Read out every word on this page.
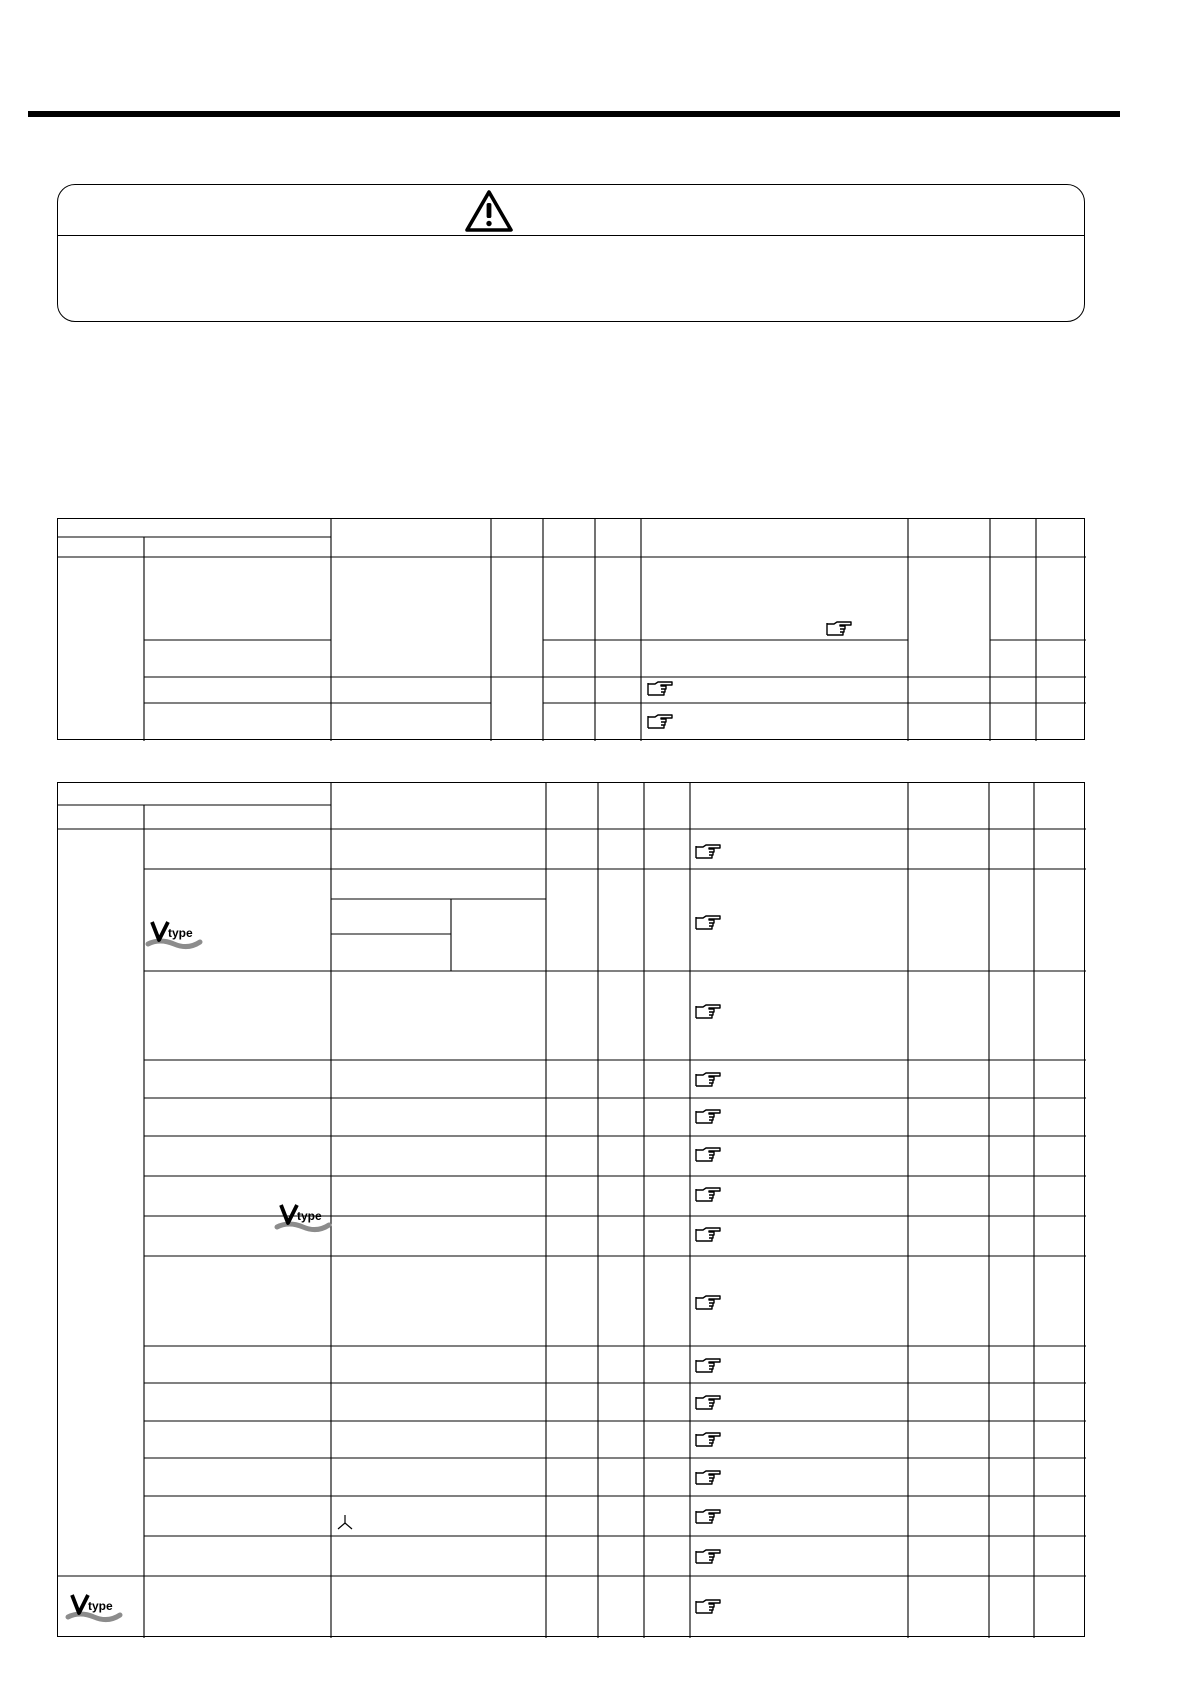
type
type
type
